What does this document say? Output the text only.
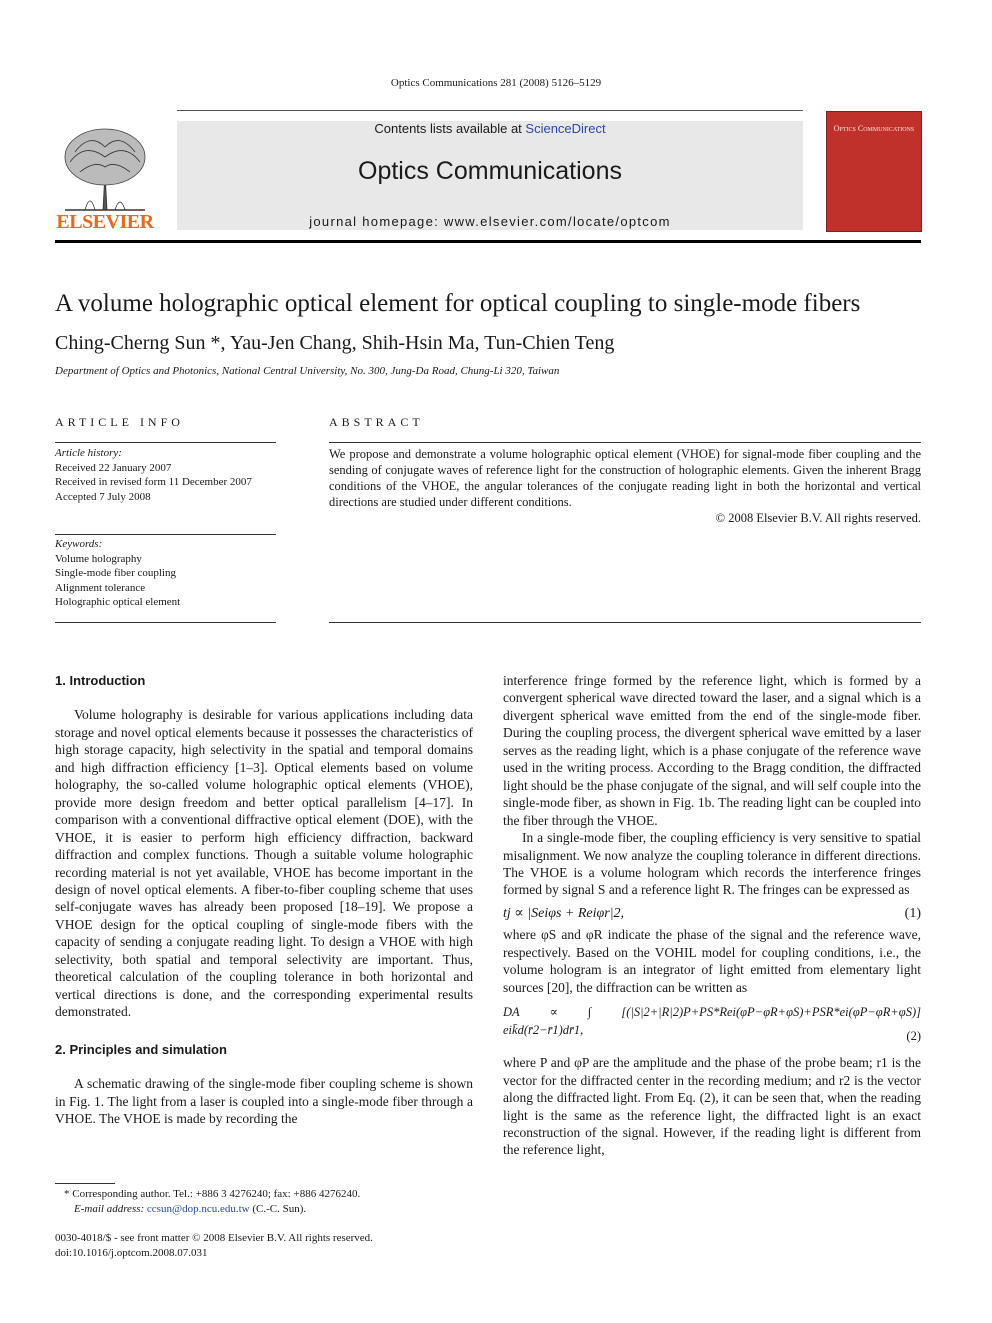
Optics Communications 281 (2008) 5126–5129
ELSEVIER
Contents lists available at ScienceDirect
Optics Communications
journal homepage: www.elsevier.com/locate/optcom
Optics Communications
A volume holographic optical element for optical coupling to single-mode fibers
Ching-Cherng Sun *, Yau-Jen Chang, Shih-Hsin Ma, Tun-Chien Teng
Department of Optics and Photonics, National Central University, No. 300, Jung-Da Road, Chung-Li 320, Taiwan
ARTICLE INFO
Article history:
Received 22 January 2007
Received in revised form 11 December 2007
Accepted 7 July 2008
Keywords:
Volume holography
Single-mode fiber coupling
Alignment tolerance
Holographic optical element
ABSTRACT
We propose and demonstrate a volume holographic optical element (VHOE) for signal-mode fiber coupling and the sending of conjugate waves of reference light for the construction of holographic elements. Given the inherent Bragg conditions of the VHOE, the angular tolerances of the conjugate reading light in both the horizontal and vertical directions are studied under different conditions.
© 2008 Elsevier B.V. All rights reserved.
1. Introduction

Volume holography is desirable for various applications including data storage and novel optical elements because it possesses the characteristics of high storage capacity, high selectivity in the spatial and temporal domains and high diffraction efficiency [1–3]. Optical elements based on volume holography, the so-called volume holographic optical elements (VHOE), provide more design freedom and better optical parallelism [4–17]. In comparison with a conventional diffractive optical element (DOE), with the VHOE, it is easier to perform high efficiency diffraction, backward diffraction and complex functions. Though a suitable volume holographic recording material is not yet available, VHOE has become important in the design of novel optical elements. A fiber-to-fiber coupling scheme that uses self-conjugate waves has already been proposed [18–19]. We propose a VHOE design for the optical coupling of single-mode fibers with the capacity of sending a conjugate reading light. To design a VHOE with high selectivity, both spatial and temporal selectivity are important. Thus, theoretical calculation of the coupling tolerance in both horizontal and vertical directions is done, and the corresponding experimental results demonstrated.

2. Principles and simulation

A schematic drawing of the single-mode fiber coupling scheme is shown in Fig. 1. The light from a laser is coupled into a single-mode fiber through a VHOE. The VHOE is made by recording the

* Corresponding author. Tel.: +886 3 4276240; fax: +886 4276240.
E-mail address: ccsun@dop.ncu.edu.tw (C.-C. Sun).
0030-4018/$ - see front matter © 2008 Elsevier B.V. All rights reserved.
doi:10.1016/j.optcom.2008.07.031

interference fringe formed by the reference light, which is formed by a convergent spherical wave directed toward the laser, and a signal which is a divergent spherical wave emitted from the end of the single-mode fiber. During the coupling process, the divergent spherical wave emitted by a laser serves as the reading light, which is a phase conjugate of the reference wave used in the writing process. According to the Bragg condition, the diffracted light should be the phase conjugate of the signal, and will self couple into the single-mode fiber, as shown in Fig. 1b. The reading light can be coupled into the fiber through the VHOE.

In a single-mode fiber, the coupling efficiency is very sensitive to spatial misalignment. We now analyze the coupling tolerance in different directions. The VHOE is a volume hologram which records the interference fringes formed by signal S and a reference light R. The fringes can be expressed as

tj ∝ |Seiφs + Reiφr|2,	(1)

where φS and φR indicate the phase of the signal and the reference wave, respectively. Based on the VOHIL model for coupling conditions, i.e., the volume hologram is an integrator of light emitted from elementary light sources [20], the diffraction can be written as

DA ∝ ∫ [(|S|2+|R|2)P+PS*Rei(φP−φR+φS)+PSR*ei(φP−φR+φS)] eik̄d(r̄2−r̄1)dr̄1,	(2)

where P and φP are the amplitude and the phase of the probe beam; r1 is the vector for the diffracted center in the recording medium; and r2 is the vector along the diffracted light. From Eq. (2), it can be seen that, when the reading light is the same as the reference light, the diffracted light is an exact reconstruction of the signal. However, if the reading light is different from the reference light,
